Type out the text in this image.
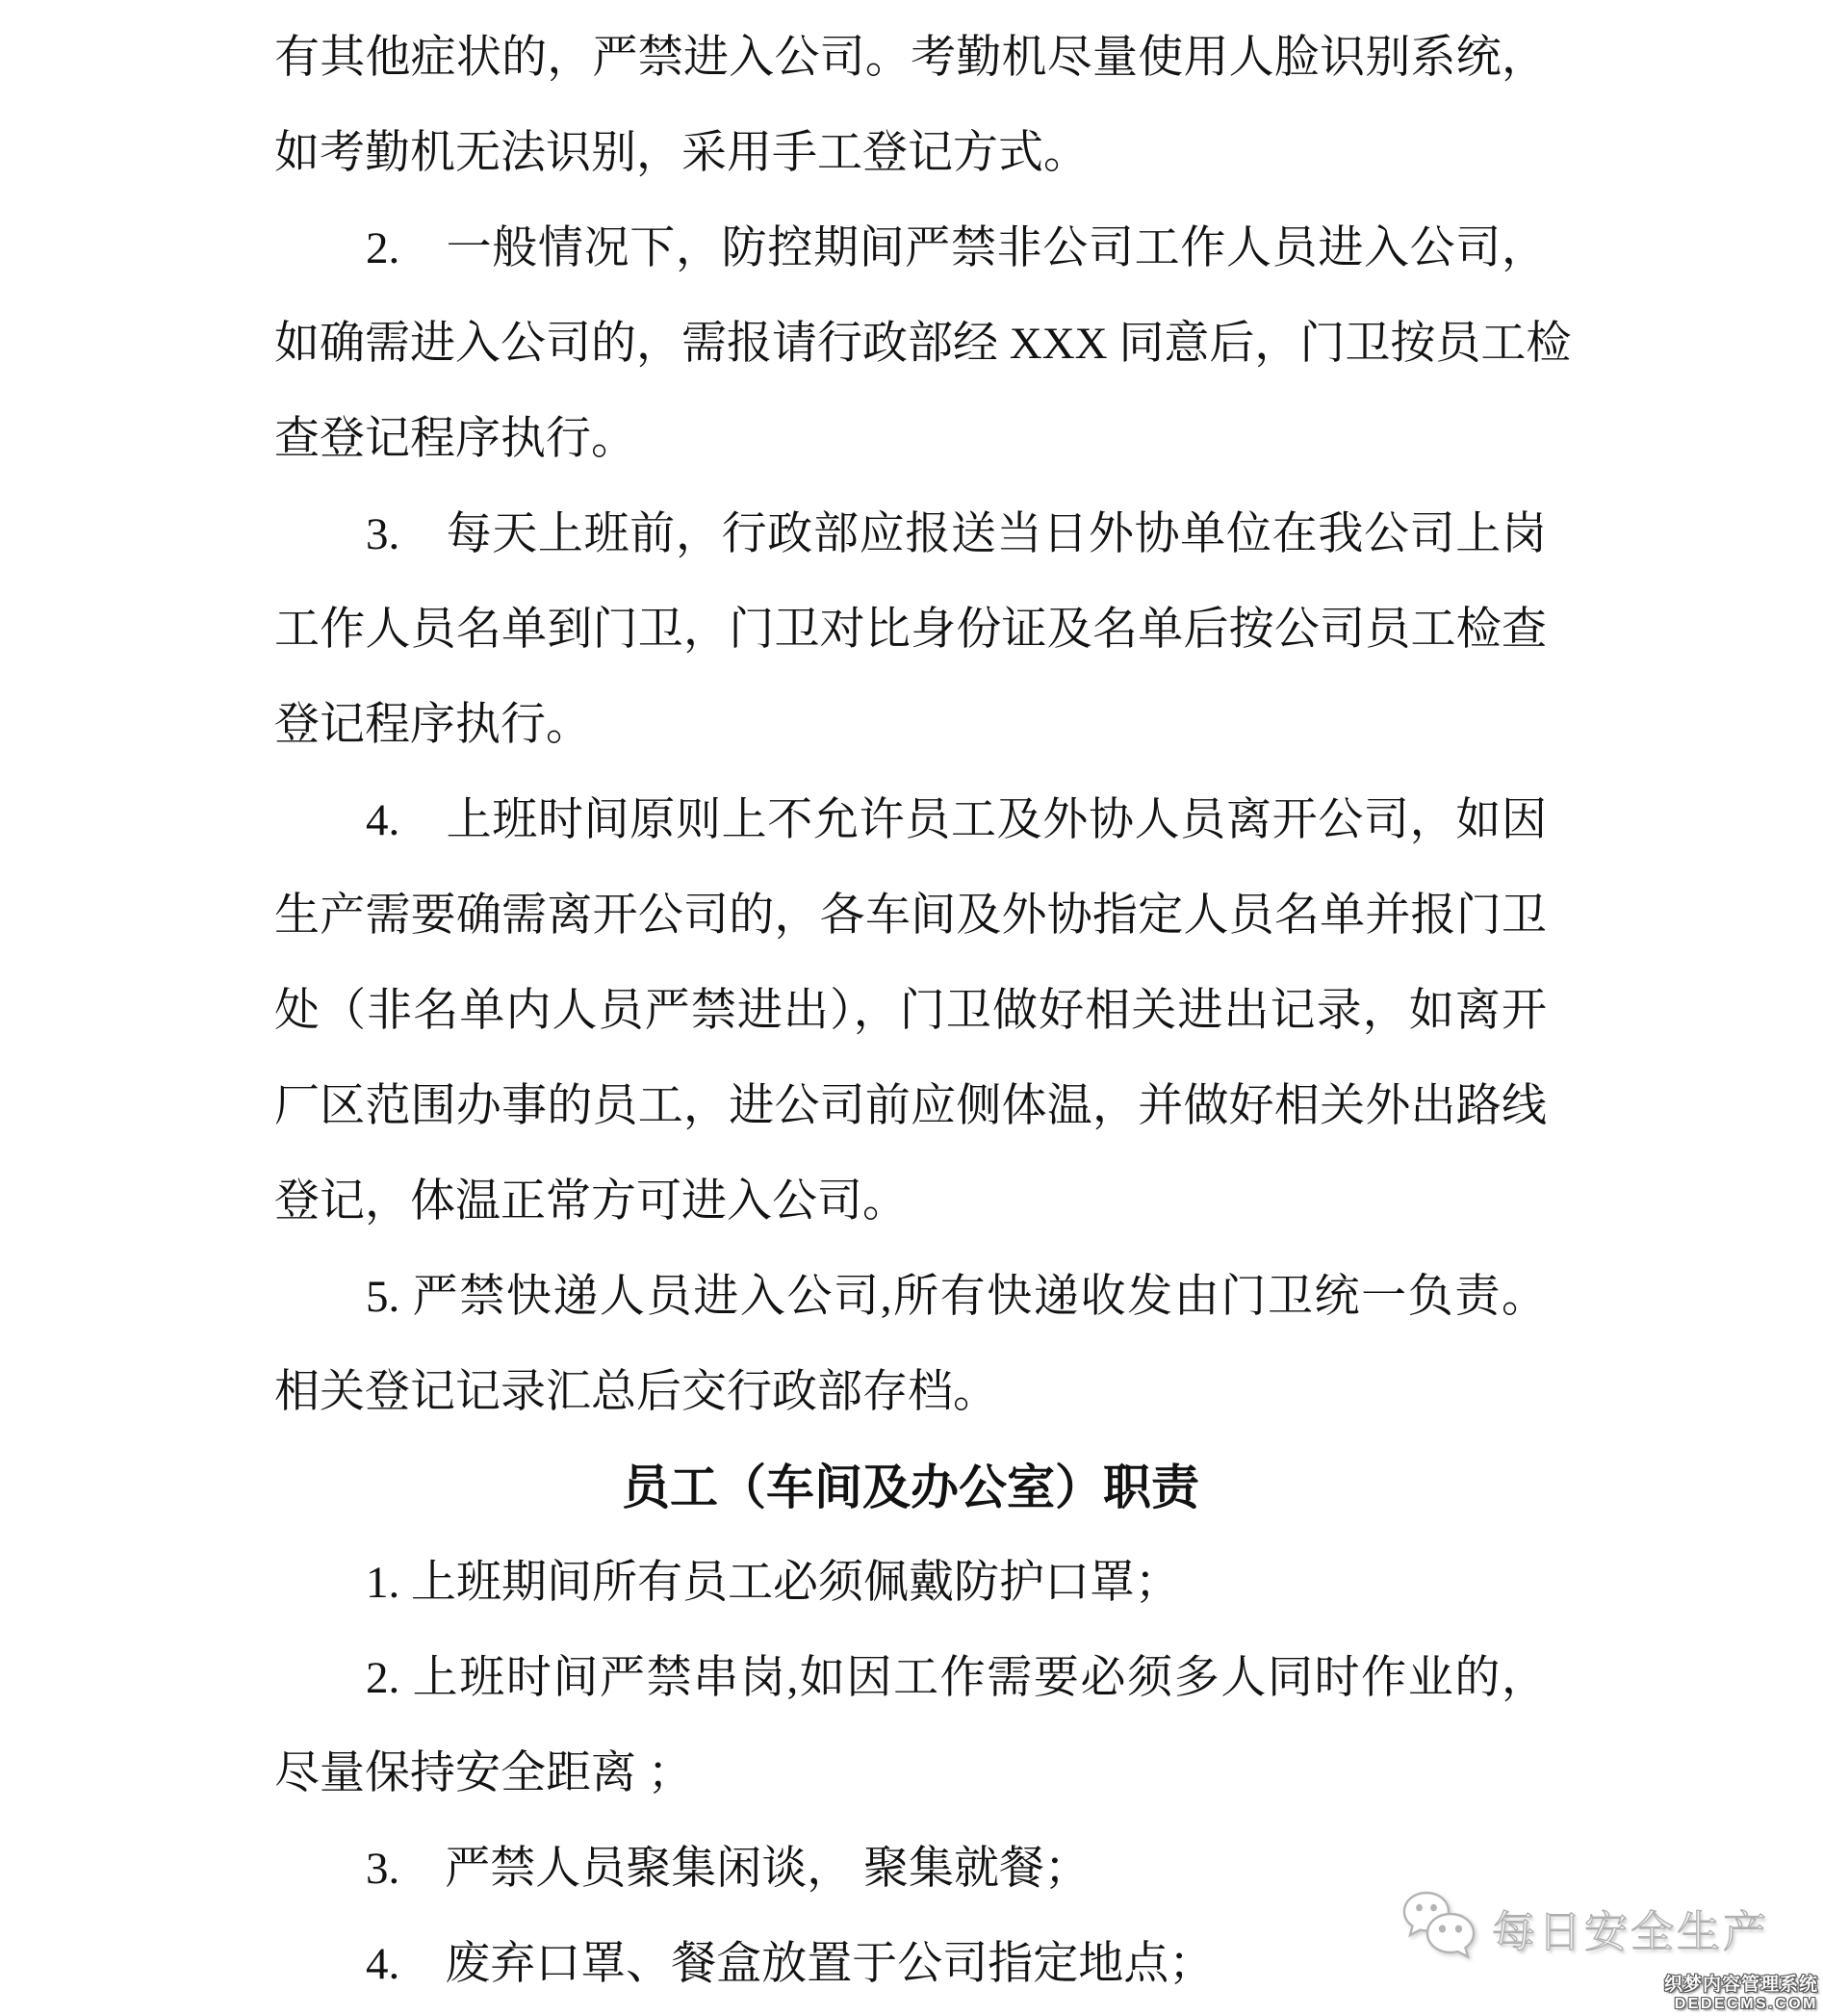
有其他症状的，严禁进入公司。考勤机尽量使用人脸识别系统，
如考勤机无法识别，采用手工登记方式。
2.　一般情况下，防控期间严禁非公司工作人员进入公司，
如确需进入公司的，需报请行政部经 XXX 同意后，门卫按员工检
查登记程序执行。
3.　每天上班前，行政部应报送当日外协单位在我公司上岗
工作人员名单到门卫，门卫对比身份证及名单后按公司员工检查
登记程序执行。
4.　上班时间原则上不允许员工及外协人员离开公司，如因
生产需要确需离开公司的，各车间及外协指定人员名单并报门卫
处（非名单内人员严禁进出），门卫做好相关进出记录，如离开
厂区范围办事的员工，进公司前应侧体温，并做好相关外出路线
登记，体温正常方可进入公司。
5. 严禁快递人员进入公司,所有快递收发由门卫统一负责。
相关登记记录汇总后交行政部存档。
员工（车间及办公室）职责
1. 上班期间所有员工必须佩戴防护口罩；
2. 上班时间严禁串岗,如因工作需要必须多人同时作业的，
尽量保持安全距离 ；
3.　严禁人员聚集闲谈， 聚集就餐；
4.　废弃口罩、餐盒放置于公司指定地点；
每日安全生产
织梦内容管理系统
DEDECMS.COM
